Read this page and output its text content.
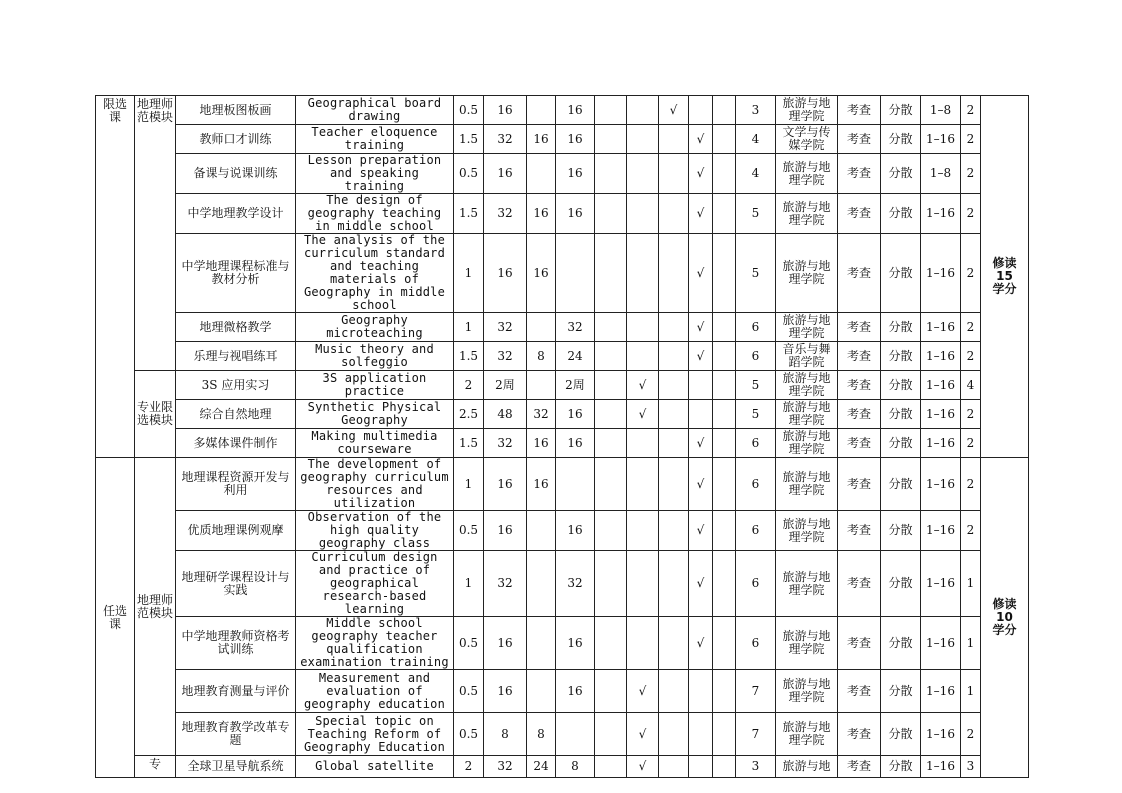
限选课	地理师范模块	地理板图板画	Geographical board drawing	0.5	16		16			√			3	旅游与地理学院	考查	分散	1–8	2	修读
15
学分

		教师口才训练	Teacher eloquence training	1.5	32	16	16				√		4	文学与传媒学院	考查	分散	1–16	2	
		备课与说课训练	Lesson preparation and speaking training	0.5	16		16				√		4	旅游与地理学院	考查	分散	1–8	2	
		中学地理教学设计	The design of geography teaching in middle school	1.5	32	16	16				√		5	旅游与地理学院	考查	分散	1–16	2	
		中学地理课程标准与教材分析	The analysis of the curriculum standard and teaching materials of Geography in middle school	1	16	16					√		5	旅游与地理学院	考查	分散	1–16	2	
		地理微格教学	Geography microteaching	1	32		32				√		6	旅游与地理学院	考查	分散	1–16	2	
		乐理与视唱练耳	Music theory and solfeggio	1.5	32	8	24				√		6	音乐与舞蹈学院	考查	分散	1–16	2	
	专业限选模块	3S 应用实习	3S application practice	2	2周		2周		√				5	旅游与地理学院	考查	分散	1–16	4	
		综合自然地理	Synthetic Physical Geography	2.5	48	32	16		√				5	旅游与地理学院	考查	分散	1–16	2	
		多媒体课件制作	Making multimedia courseware	1.5	32	16	16				√		6	旅游与地理学院	考查	分散	1–16	2	
任选课	地理师范模块	地理课程资源开发与利用	The development of geography curriculum resources and utilization	1	16	16					√		6	旅游与地理学院	考查	分散	1–16	2	修读
10
学分

		优质地理课例观摩	Observation of the high quality geography class	0.5	16		16				√		6	旅游与地理学院	考查	分散	1–16	2	
		地理研学课程设计与实践	Curriculum design and practice of geographical research-based learning	1	32		32				√		6	旅游与地理学院	考查	分散	1–16	1	
		中学地理教师资格考试训练	Middle school geography teacher qualification examination training	0.5	16		16				√		6	旅游与地理学院	考查	分散	1–16	1	
		地理教育测量与评价	Measurement and evaluation of geography education	0.5	16		16		√				7	旅游与地理学院	考查	分散	1–16	1	
		地理教育教学改革专题	Special topic on Teaching Reform of Geography Education	0.5	8	8			√				7	旅游与地理学院	考查	分散	1–16	2	
	专	全球卫星导航系统	Global satellite	2	32	24	8		√				3	旅游与地	考查	分散	1–16	3	
